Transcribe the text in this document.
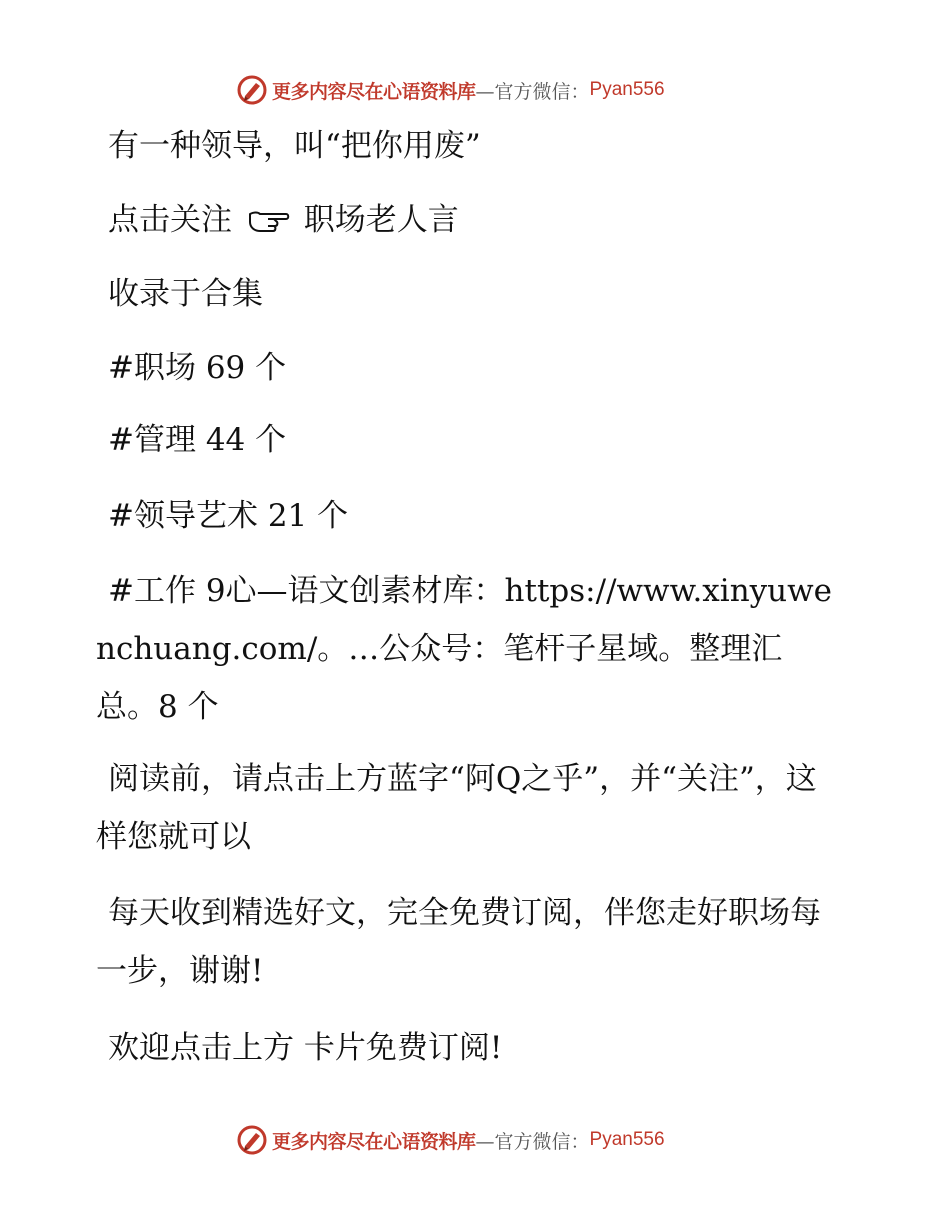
更多内容尽在心语资料库 —官方微信： Pyan556
有一种领导，叫“把你用废”
点击关注 职场老人言
收录于合集
#职场 69 个
#管理 44 个
#领导艺术 21 个
#工作 9心—语文创素材库：https://www.xinyuwenchuang.com/。…公众号：笔杆子星域。整理汇总。8 个
阅读前，请点击上方蓝字“阿Q之乎”，并“关注”，这样您就可以
每天收到精选好文，完全免费订阅，伴您走好职场每一步，谢谢!
欢迎点击上方 卡片免费订阅!
更多内容尽在心语资料库 —官方微信： Pyan556
